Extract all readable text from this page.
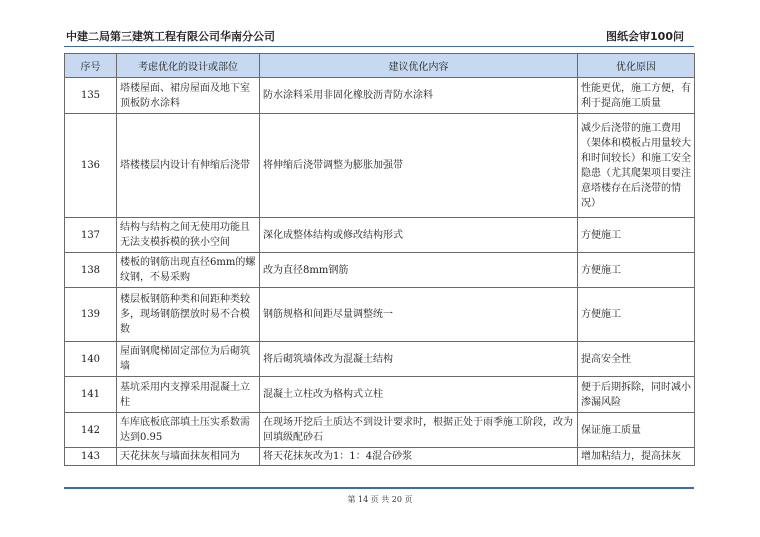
中建二局第三建筑工程有限公司华南分公司	图纸会审100问
序号	考虑优化的设计或部位	建议优化内容	优化原因
135	塔楼屋面、裙房屋面及地下室顶板防水涂料	防水涂料采用非固化橡胶沥青防水涂料	性能更优，施工方便，有利于提高施工质量
136	塔楼楼层内设计有伸缩后浇带	将伸缩后浇带调整为膨胀加强带	减少后浇带的施工费用（架体和模板占用量较大和时间较长）和施工安全隐患（尤其爬架项目要注意塔楼存在后浇带的情况）
137	结构与结构之间无使用功能且无法支模拆模的狭小空间	深化成整体结构或修改结构形式	方便施工
138	楼板的钢筋出现直径6mm的螺纹钢，不易采购	改为直径8mm钢筋	方便施工
139	楼层板钢筋种类和间距种类较多，现场钢筋摆放时易不合模数	钢筋规格和间距尽量调整统一	方便施工
140	屋面钢爬梯固定部位为后砌筑墙	将后砌筑墙体改为混凝土结构	提高安全性
141	基坑采用内支撑采用混凝土立柱	混凝土立柱改为格构式立柱	便于后期拆除，同时减小渗漏风险
142	车库底板底部填土压实系数需达到0.95	在现场开挖后土质达不到设计要求时，根据正处于雨季施工阶段，改为回填级配砂石	保证施工质量
143	天花抹灰与墙面抹灰相同为	将天花抹灰改为1：1：4混合砂浆	增加粘结力，提高抹灰
第 14 页 共 20 页
